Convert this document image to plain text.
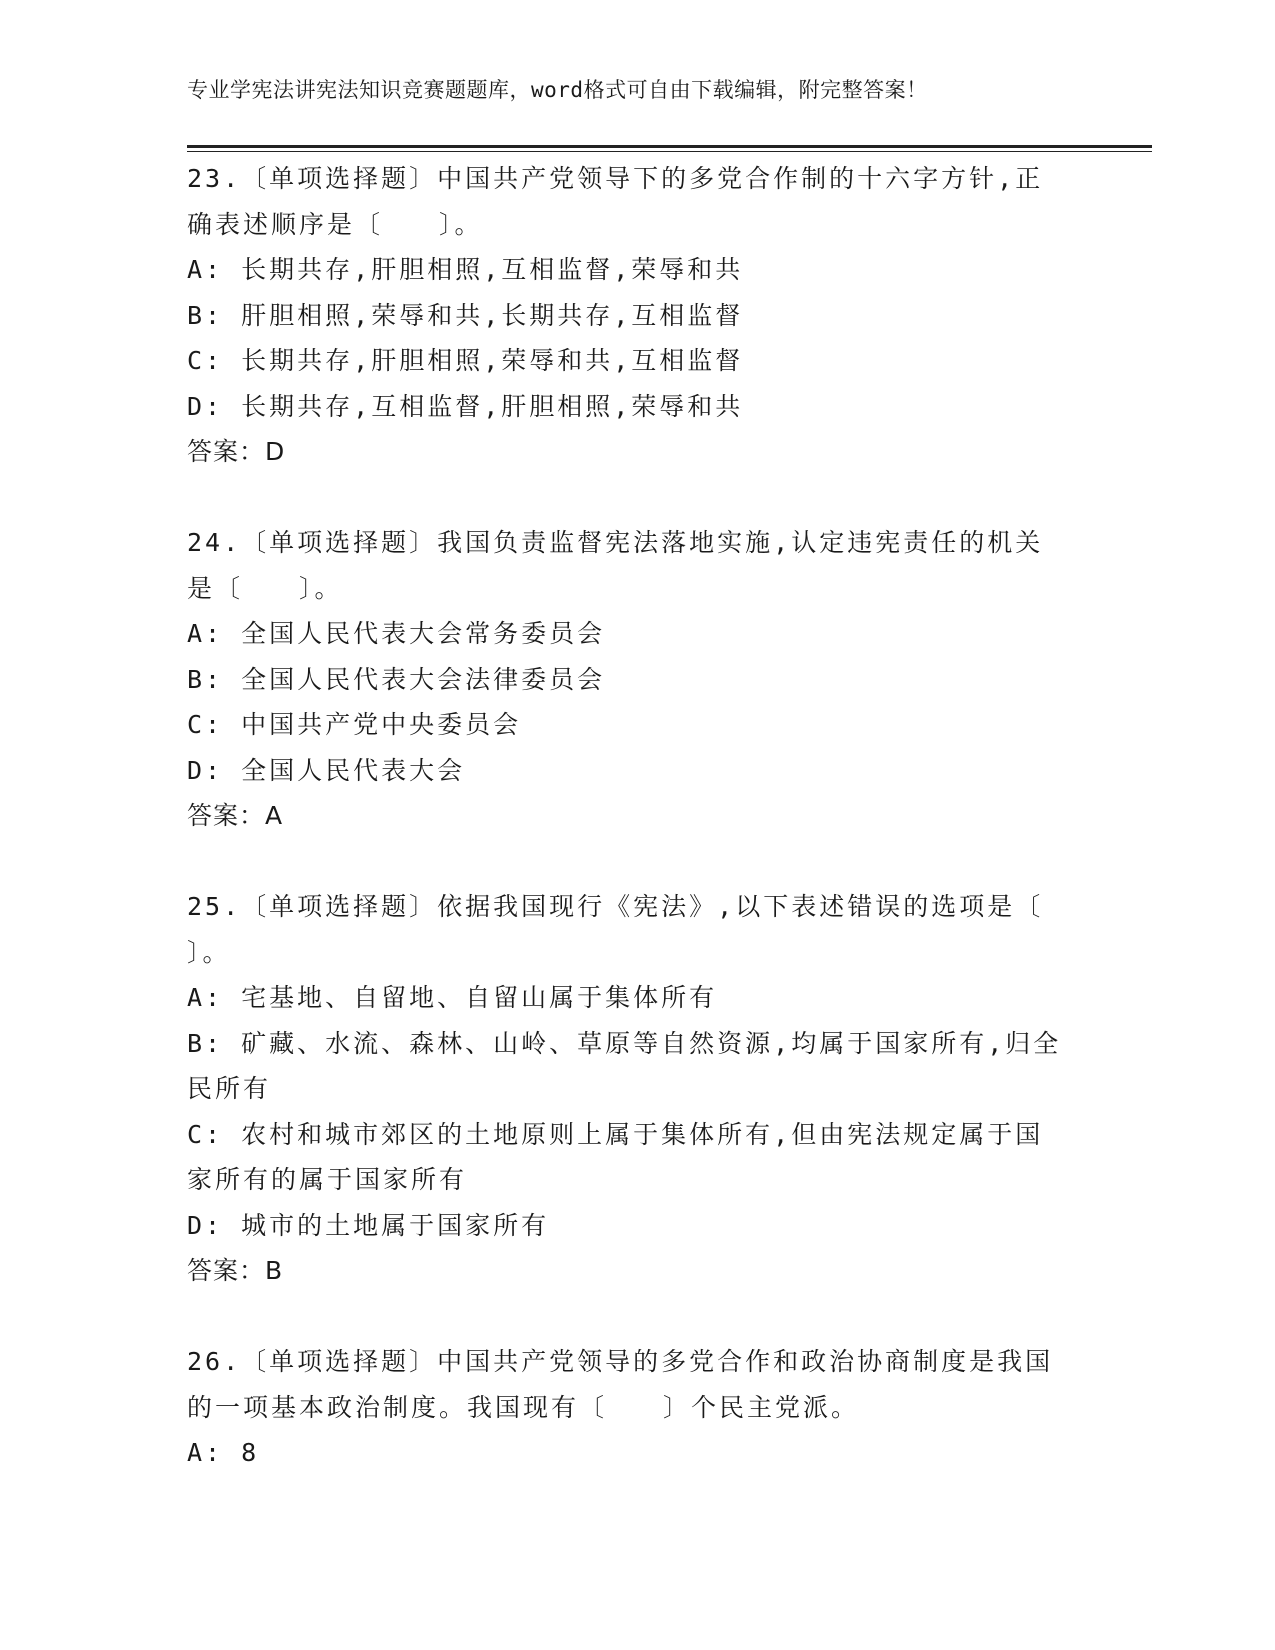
专业学宪法讲宪法知识竞赛题题库，word格式可自由下载编辑，附完整答案！
23.〔单项选择题〕中国共产党领导下的多党合作制的十六字方针,正
确表述顺序是〔　　〕。
A: 长期共存,肝胆相照,互相监督,荣辱和共
B: 肝胆相照,荣辱和共,长期共存,互相监督
C: 长期共存,肝胆相照,荣辱和共,互相监督
D: 长期共存,互相监督,肝胆相照,荣辱和共
答案：D
24.〔单项选择题〕我国负责监督宪法落地实施,认定违宪责任的机关
是〔　　〕。
A: 全国人民代表大会常务委员会
B: 全国人民代表大会法律委员会
C: 中国共产党中央委员会
D: 全国人民代表大会
答案：A
25.〔单项选择题〕依据我国现行《宪法》,以下表述错误的选项是〔
〕。
A: 宅基地、自留地、自留山属于集体所有
B: 矿藏、水流、森林、山岭、草原等自然资源,均属于国家所有,归全
民所有
C: 农村和城市郊区的土地原则上属于集体所有,但由宪法规定属于国
家所有的属于国家所有
D: 城市的土地属于国家所有
答案：B
26.〔单项选择题〕中国共产党领导的多党合作和政治协商制度是我国
的一项基本政治制度。我国现有〔　　〕个民主党派。
A: 8
